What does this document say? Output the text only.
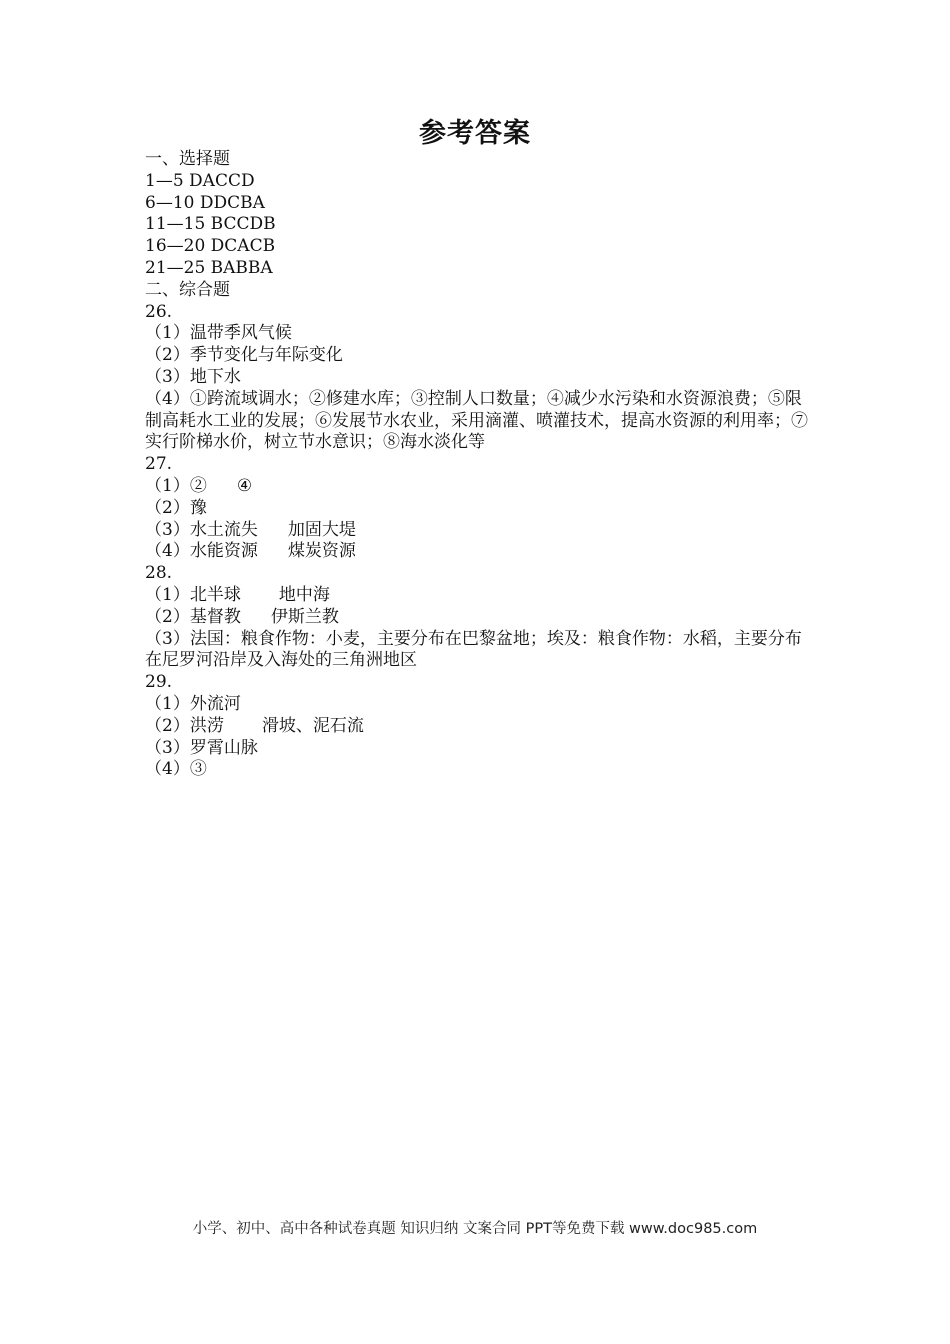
参考答案
一、选择题
1—5 DACCD
6—10 DDCBA
11—15 BCCDB
16—20 DCACB
21—25 BABBA
二、综合题
26.
（1）温带季风气候
（2）季节变化与年际变化
（3）地下水
（4）①跨流域调水；②修建水库；③控制人口数量；④减少水污染和水资源浪费；⑤限制高耗水工业的发展；⑥发展节水农业，采用滴灌、喷灌技术，提高水资源的利用率；⑦实行阶梯水价，树立节水意识；⑧海水淡化等
27.
（1）② ④
（2）豫
（3）水土流失 加固大堤
（4）水能资源 煤炭资源
28.
（1）北半球 地中海
（2）基督教 伊斯兰教
（3）法国：粮食作物：小麦，主要分布在巴黎盆地；埃及：粮食作物：水稻，主要分布在尼罗河沿岸及入海处的三角洲地区
29.
（1）外流河
（2）洪涝 滑坡、泥石流
（3）罗霄山脉
（4）③
小学、初中、高中各种试卷真题 知识归纳 文案合同 PPT等免费下载 www.doc985.com
